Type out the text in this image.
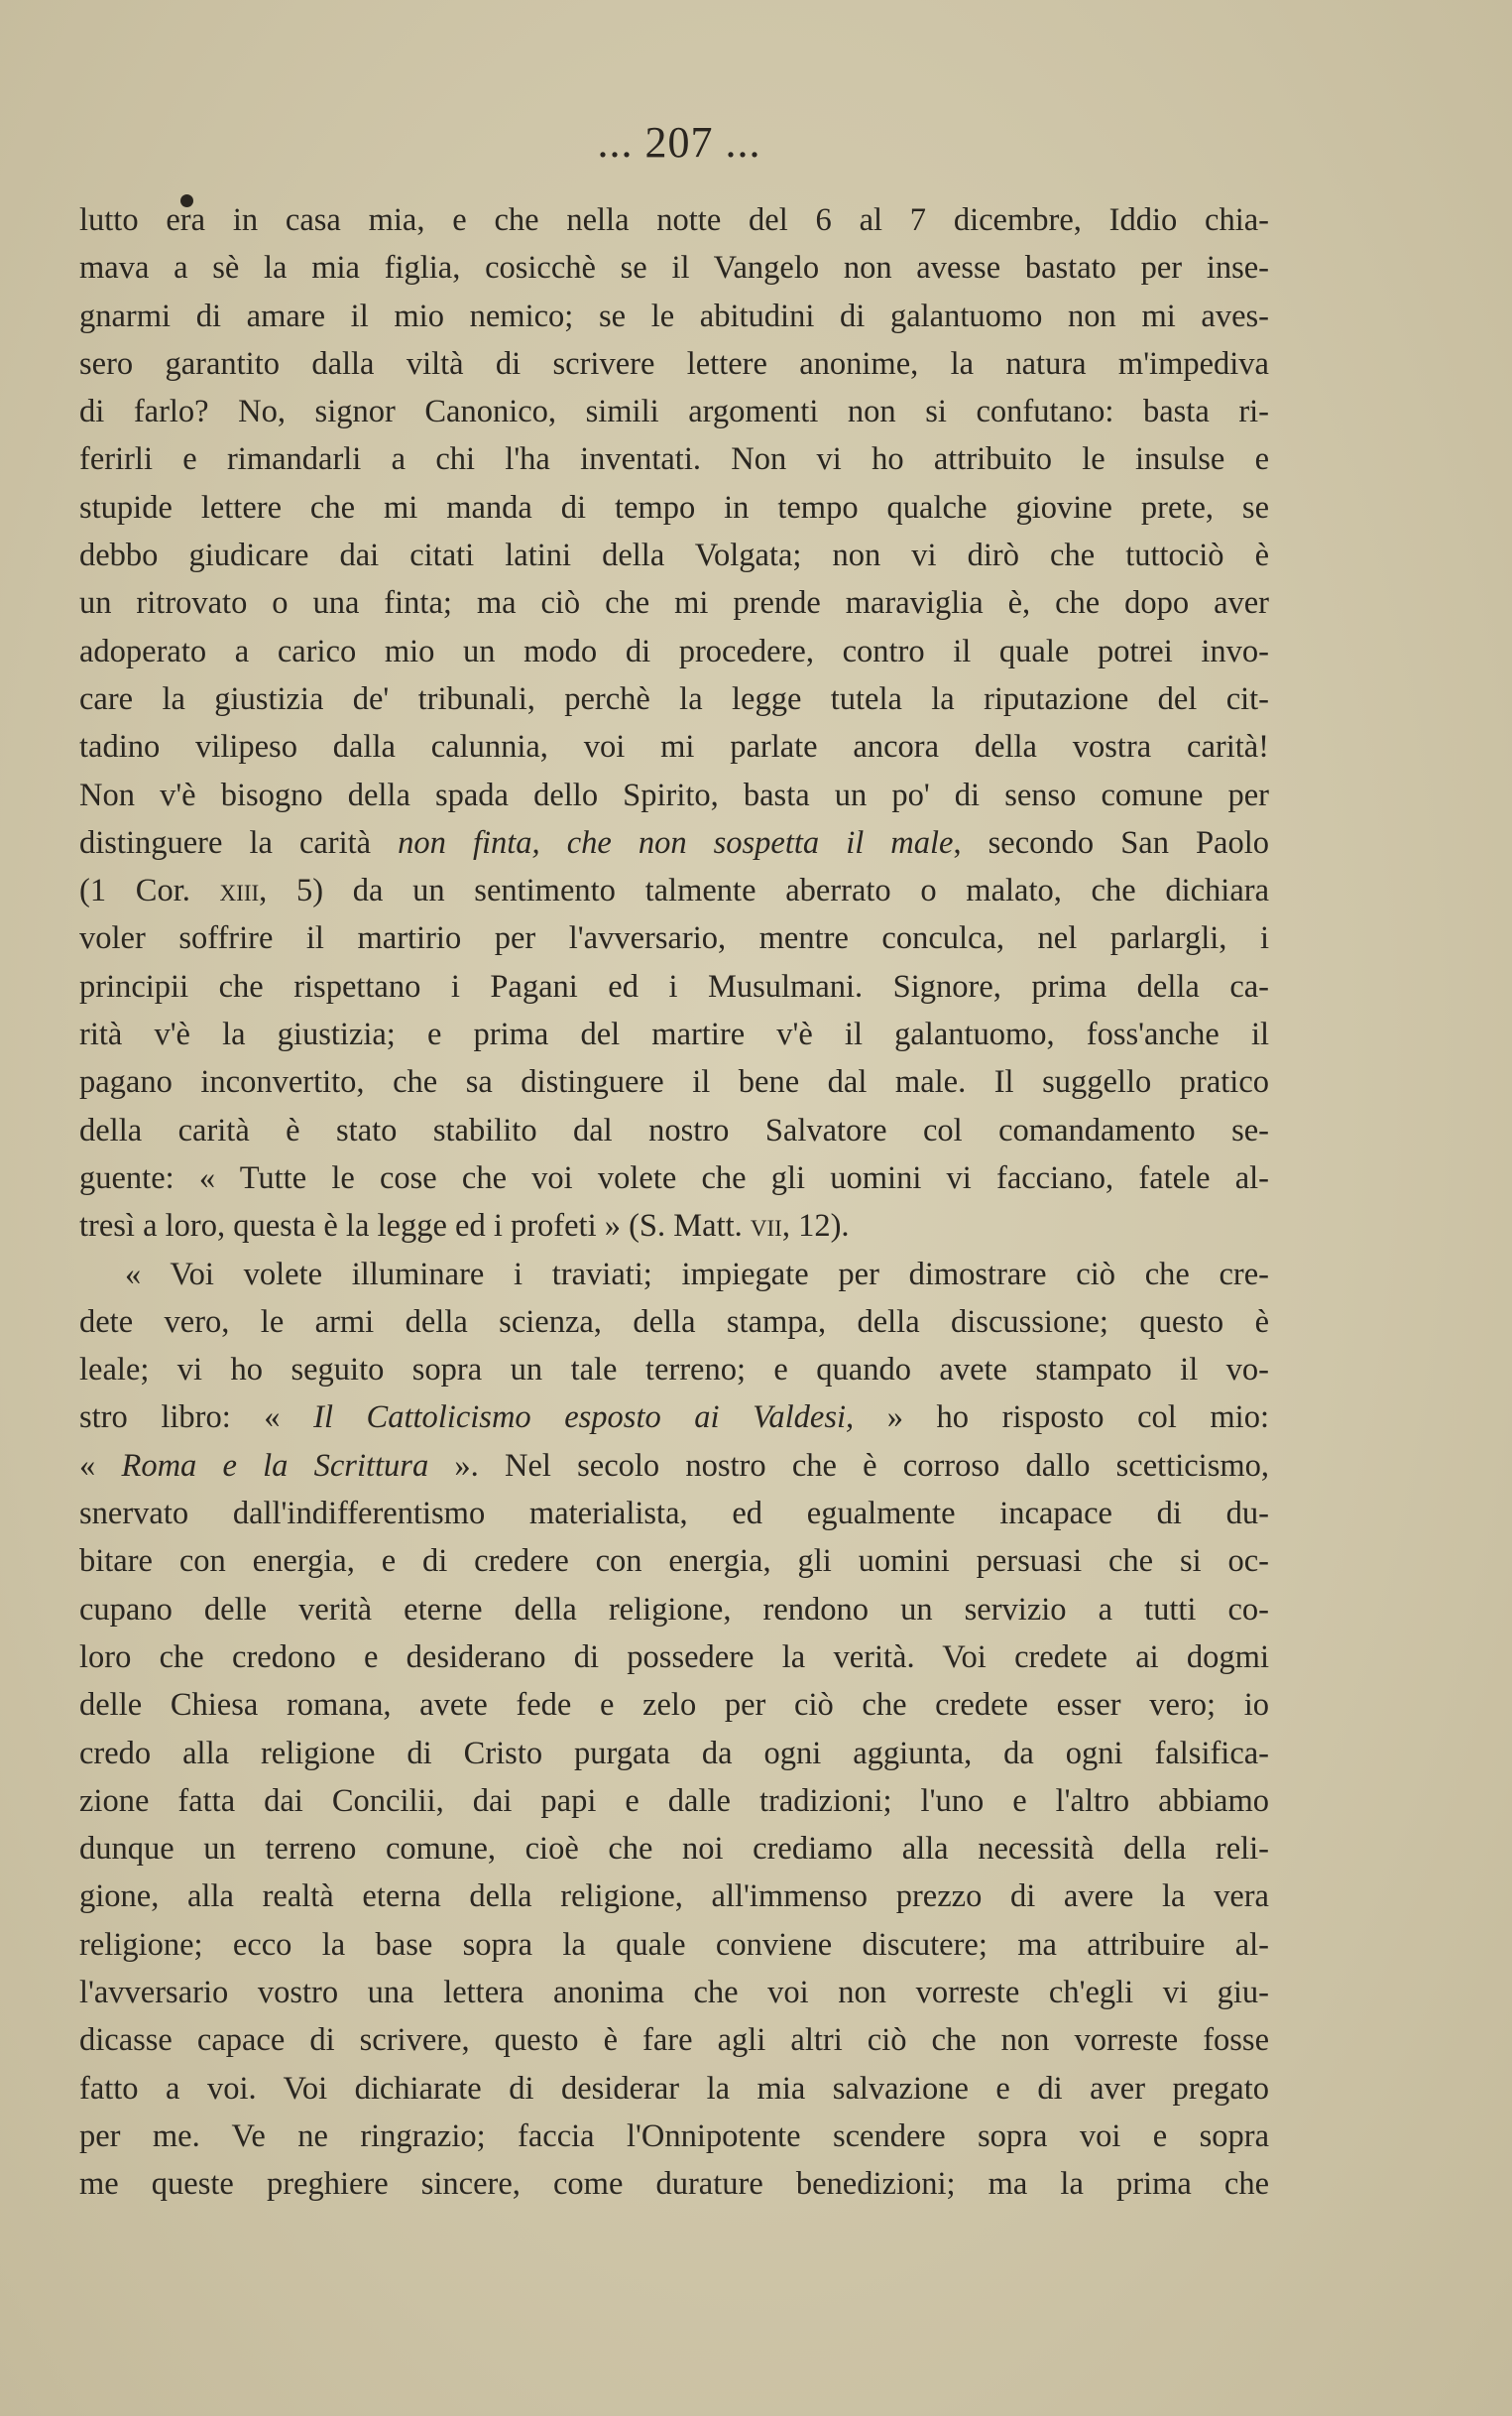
... 207 ...
lutto era in casa mia, e che nella notte del 6 al 7 dicembre, Iddio chia-
mava a sè la mia figlia, cosicchè se il Vangelo non avesse bastato per inse-
gnarmi di amare il mio nemico; se le abitudini di galantuomo non mi aves-
sero garantito dalla viltà di scrivere lettere anonime, la natura m'impediva
di farlo? No, signor Canonico, simili argomenti non si confutano: basta ri-
ferirli e rimandarli a chi l'ha inventati. Non vi ho attribuito le insulse e
stupide lettere che mi manda di tempo in tempo qualche giovine prete, se
debbo giudicare dai citati latini della Volgata; non vi dirò che tuttociò è
un ritrovato o una finta; ma ciò che mi prende maraviglia è, che dopo aver
adoperato a carico mio un modo di procedere, contro il quale potrei invo-
care la giustizia de' tribunali, perchè la legge tutela la riputazione del cit-
tadino vilipeso dalla calunnia, voi mi parlate ancora della vostra carità!
Non v'è bisogno della spada dello Spirito, basta un po' di senso comune per
distinguere la carità non finta, che non sospetta il male, secondo San Paolo
(1 Cor. xiii, 5) da un sentimento talmente aberrato o malato, che dichiara
voler soffrire il martirio per l'avversario, mentre conculca, nel parlargli, i
principii che rispettano i Pagani ed i Musulmani. Signore, prima della ca-
rità v'è la giustizia; e prima del martire v'è il galantuomo, foss'anche il
pagano inconvertito, che sa distinguere il bene dal male. Il suggello pratico
della carità è stato stabilito dal nostro Salvatore col comandamento se-
guente: « Tutte le cose che voi volete che gli uomini vi facciano, fatele al-
tresì a loro, questa è la legge ed i profeti » (S. Matt. vii, 12).
« Voi volete illuminare i traviati; impiegate per dimostrare ciò che cre-
dete vero, le armi della scienza, della stampa, della discussione; questo è
leale; vi ho seguito sopra un tale terreno; e quando avete stampato il vo-
stro libro: « Il Cattolicismo esposto ai Valdesi, » ho risposto col mio:
« Roma e la Scrittura ». Nel secolo nostro che è corroso dallo scetticismo,
snervato dall'indifferentismo materialista, ed egualmente incapace di du-
bitare con energia, e di credere con energia, gli uomini persuasi che si oc-
cupano delle verità eterne della religione, rendono un servizio a tutti co-
loro che credono e desiderano di possedere la verità. Voi credete ai dogmi
delle Chiesa romana, avete fede e zelo per ciò che credete esser vero; io
credo alla religione di Cristo purgata da ogni aggiunta, da ogni falsifica-
zione fatta dai Concilii, dai papi e dalle tradizioni; l'uno e l'altro abbiamo
dunque un terreno comune, cioè che noi crediamo alla necessità della reli-
gione, alla realtà eterna della religione, all'immenso prezzo di avere la vera
religione; ecco la base sopra la quale conviene discutere; ma attribuire al-
l'avversario vostro una lettera anonima che voi non vorreste ch'egli vi giu-
dicasse capace di scrivere, questo è fare agli altri ciò che non vorreste fosse
fatto a voi. Voi dichiarate di desiderar la mia salvazione e di aver pregato
per me. Ve ne ringrazio; faccia l'Onnipotente scendere sopra voi e sopra
me queste preghiere sincere, come durature benedizioni; ma la prima che
